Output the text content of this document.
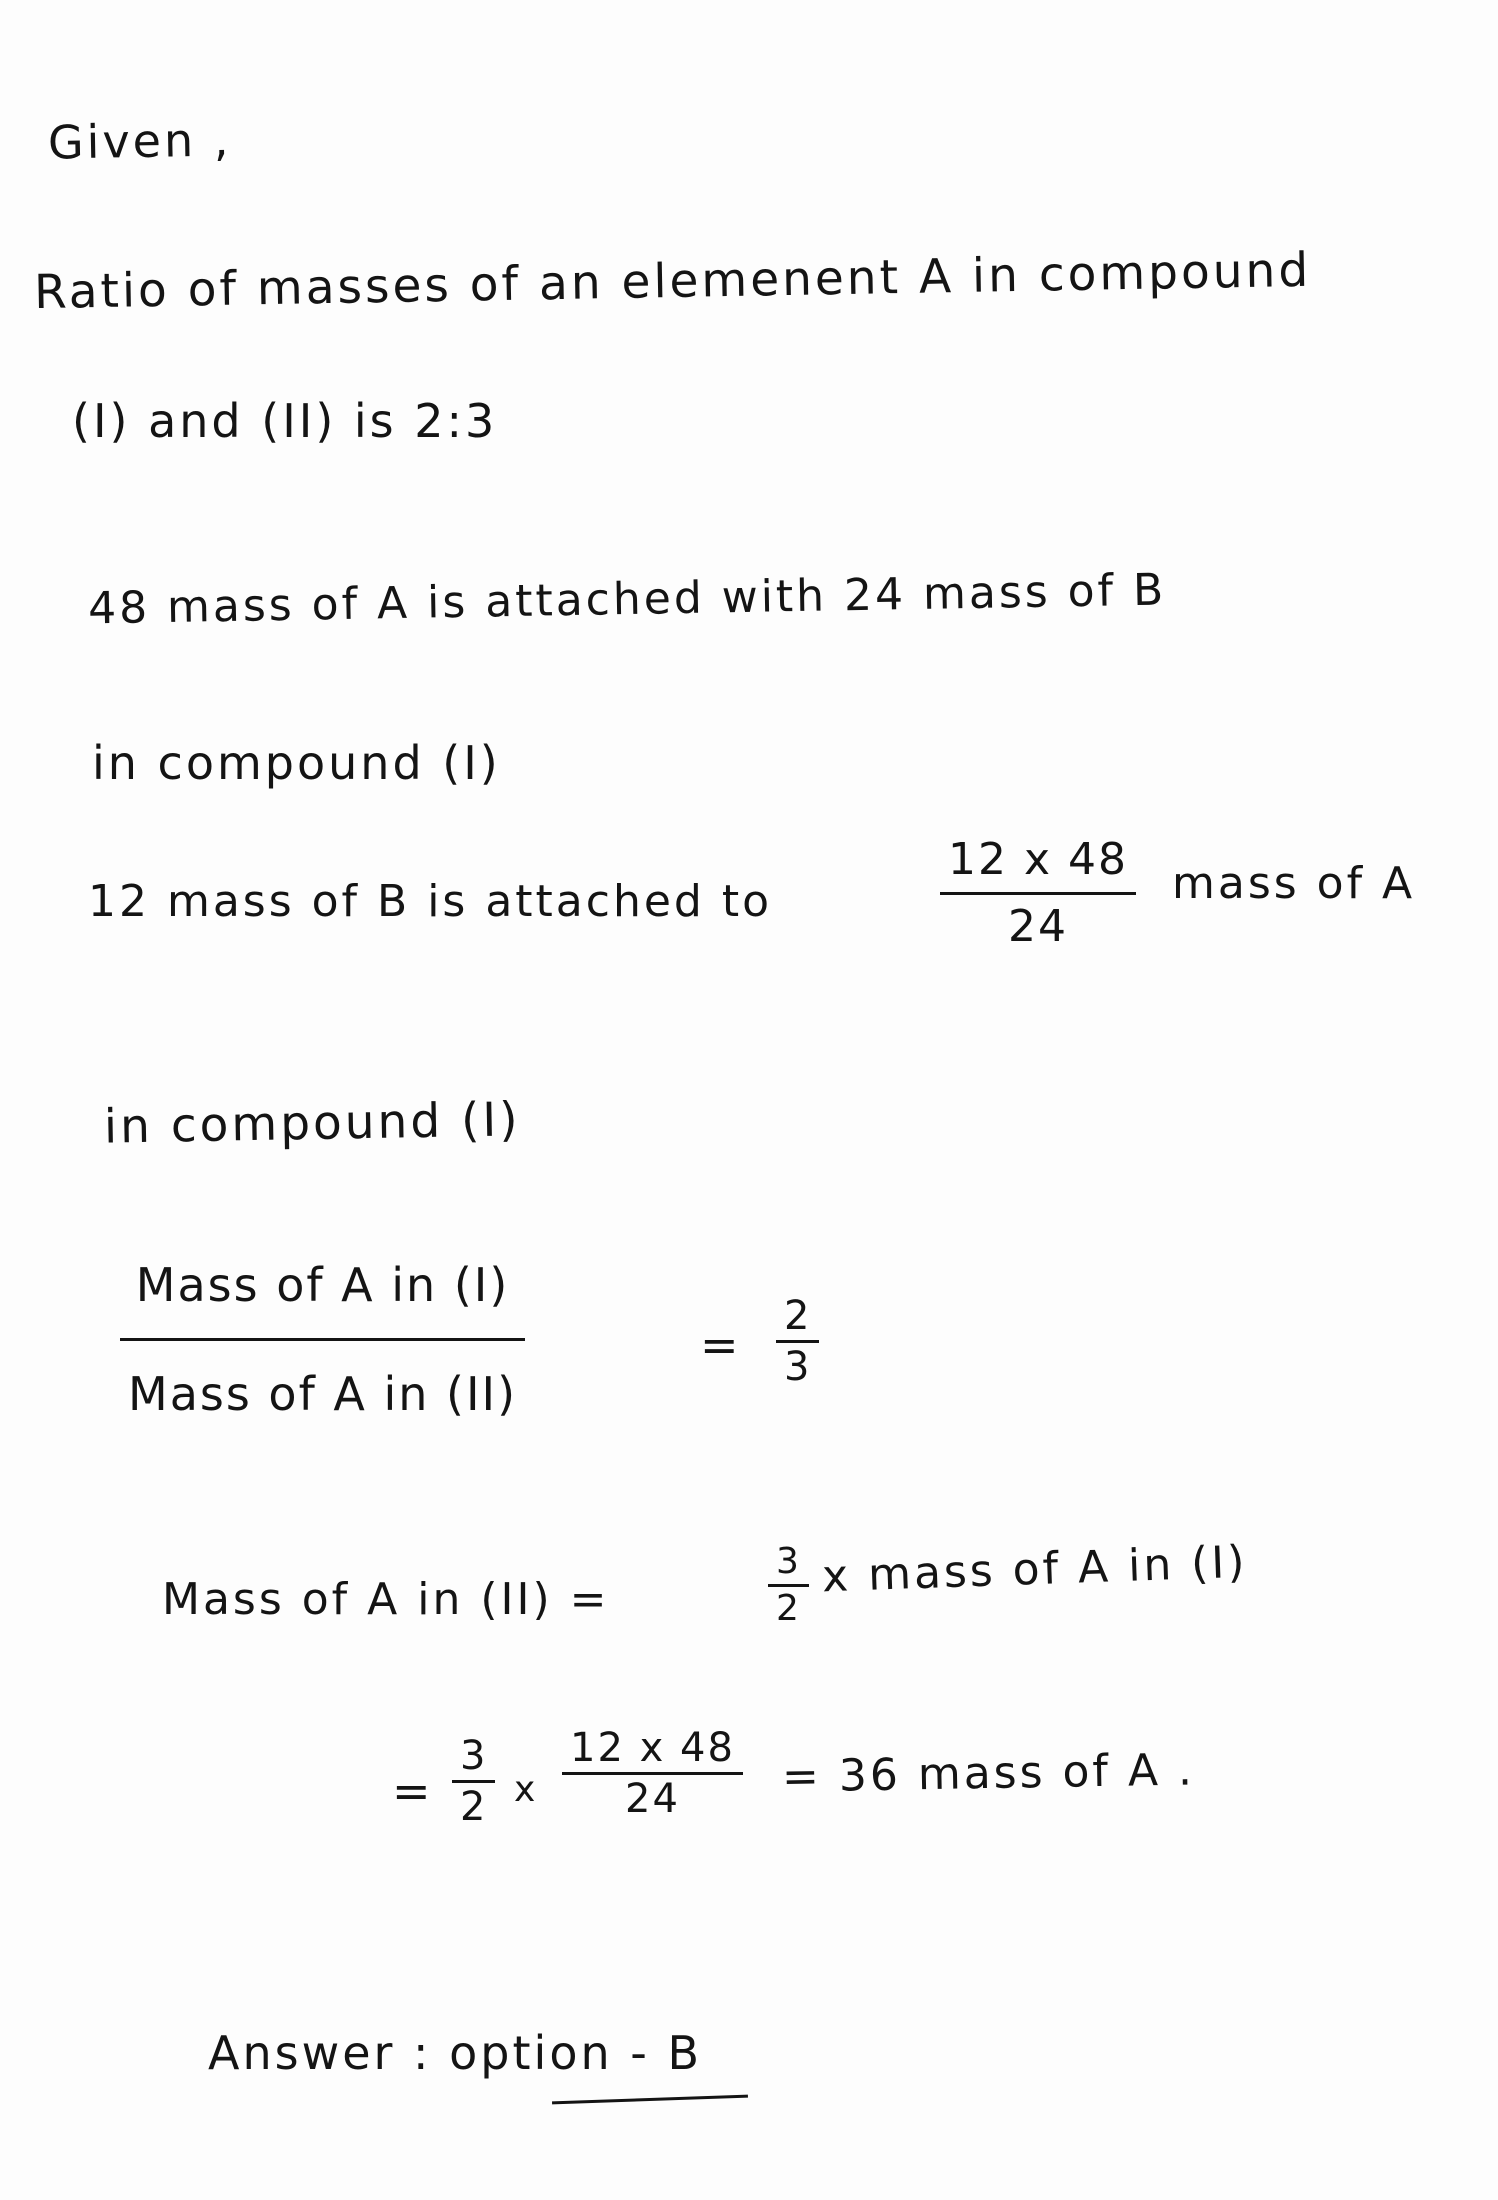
Given ,
Ratio of masses of an elemenent A in compound
(I) and (II) is 2:3
48 mass of A is attached with 24 mass of B
in compound (I)
12 mass of B is attached to
12 x 48
24
mass of A
in compound (I)
Mass of A in (I)
Mass of A in (II)
=
2
3
Mass of A in (II) =
3
2
x mass of A in (I)
=
3
2 x
12 x 48
24 = 36 mass of A .
Answer : option - B
